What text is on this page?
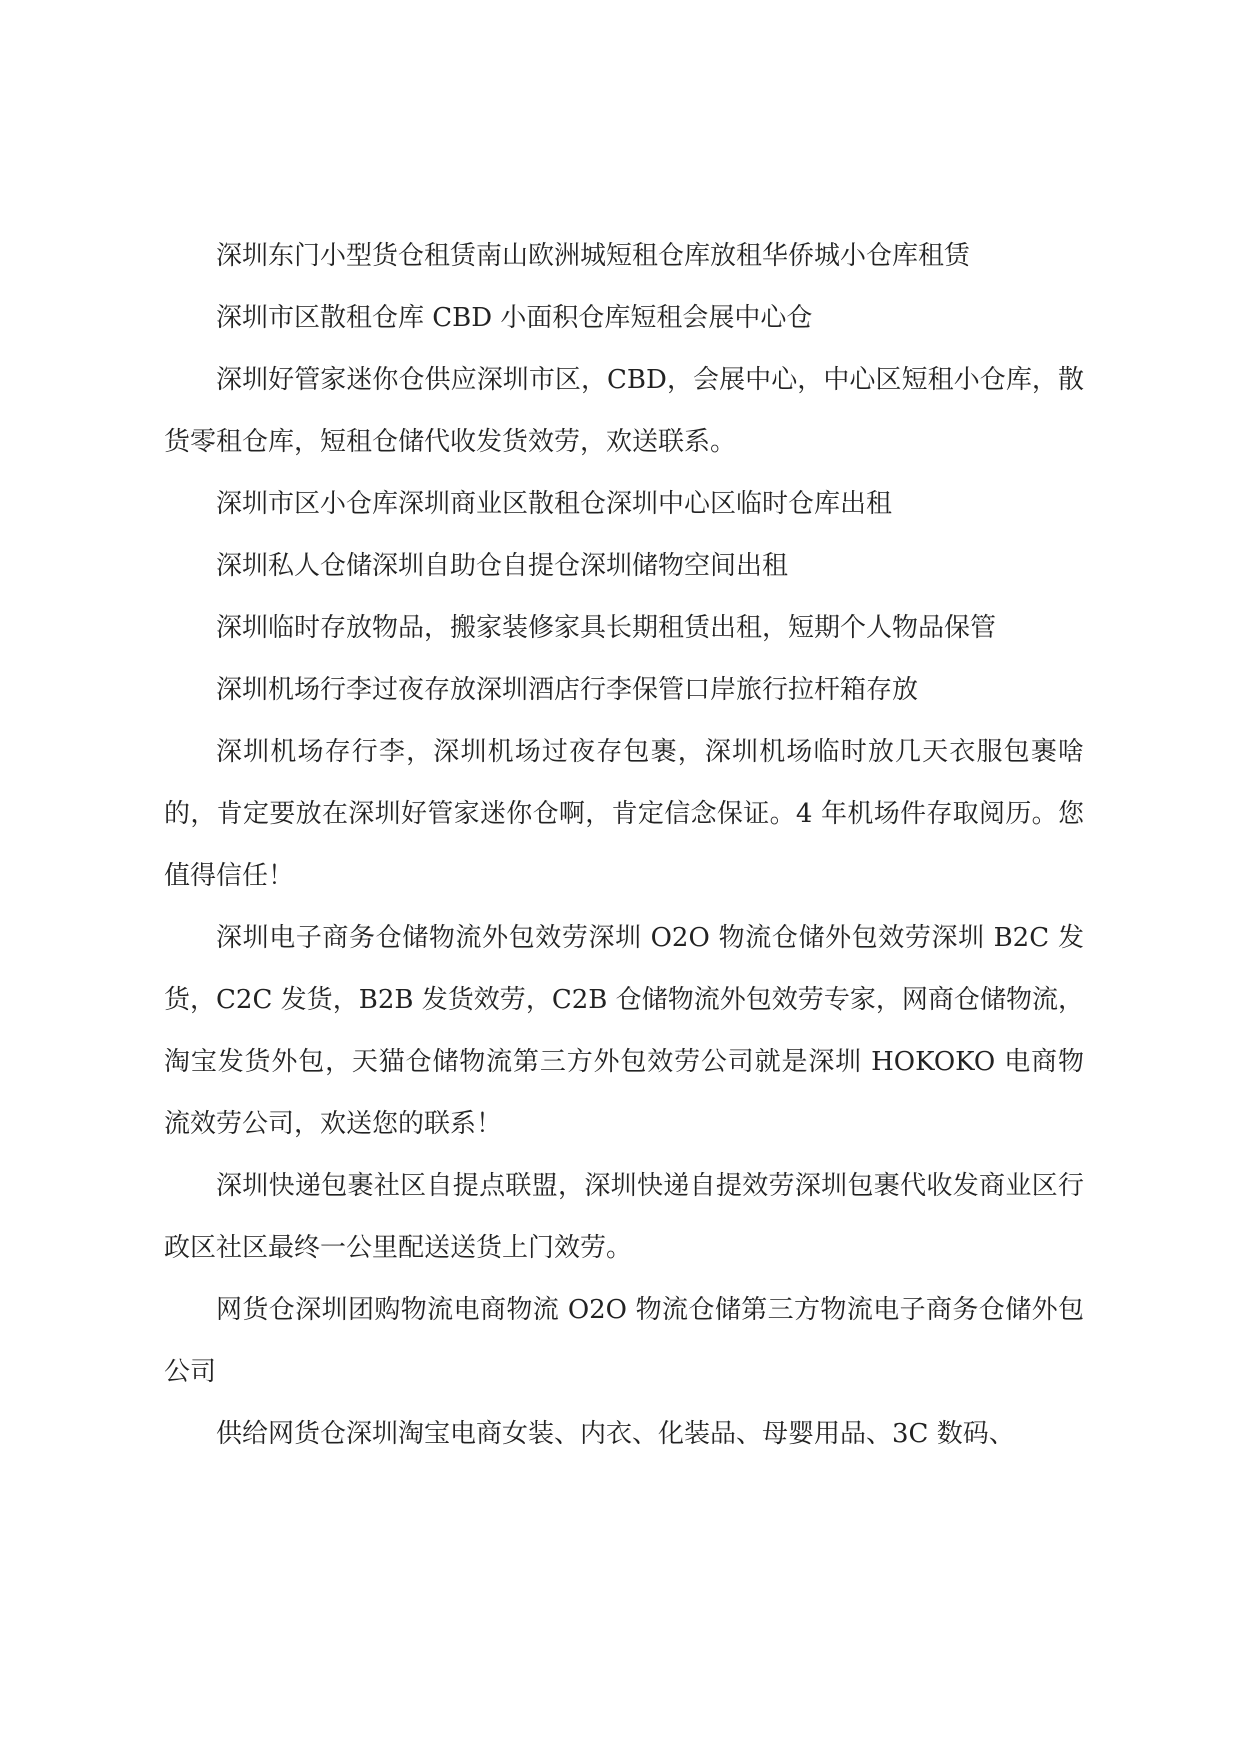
深圳东门小型货仓租赁南山欧洲城短租仓库放租华侨城小仓库租赁

深圳市区散租仓库 CBD 小面积仓库短租会展中心仓

深圳好管家迷你仓供应深圳市区，CBD，会展中心，中心区短租小仓库，散货零租仓库，短租仓储代收发货效劳，欢送联系。

深圳市区小仓库深圳商业区散租仓深圳中心区临时仓库出租

深圳私人仓储深圳自助仓自提仓深圳储物空间出租

深圳临时存放物品，搬家装修家具长期租赁出租，短期个人物品保管

深圳机场行李过夜存放深圳酒店行李保管口岸旅行拉杆箱存放

深圳机场存行李，深圳机场过夜存包裹，深圳机场临时放几天衣服包裹啥的，肯定要放在深圳好管家迷你仓啊，肯定信念保证。4 年机场件存取阅历。您值得信任！

深圳电子商务仓储物流外包效劳深圳 O2O 物流仓储外包效劳深圳 B2C 发货，C2C 发货，B2B 发货效劳，C2B 仓储物流外包效劳专家，网商仓储物流，淘宝发货外包，天猫仓储物流第三方外包效劳公司就是深圳 HOKOKO 电商物流效劳公司，欢送您的联系！

深圳快递包裹社区自提点联盟，深圳快递自提效劳深圳包裹代收发商业区行政区社区最终一公里配送送货上门效劳。

网货仓深圳团购物流电商物流 O2O 物流仓储第三方物流电子商务仓储外包公司

供给网货仓深圳淘宝电商女装、内衣、化装品、母婴用品、3C 数码、
